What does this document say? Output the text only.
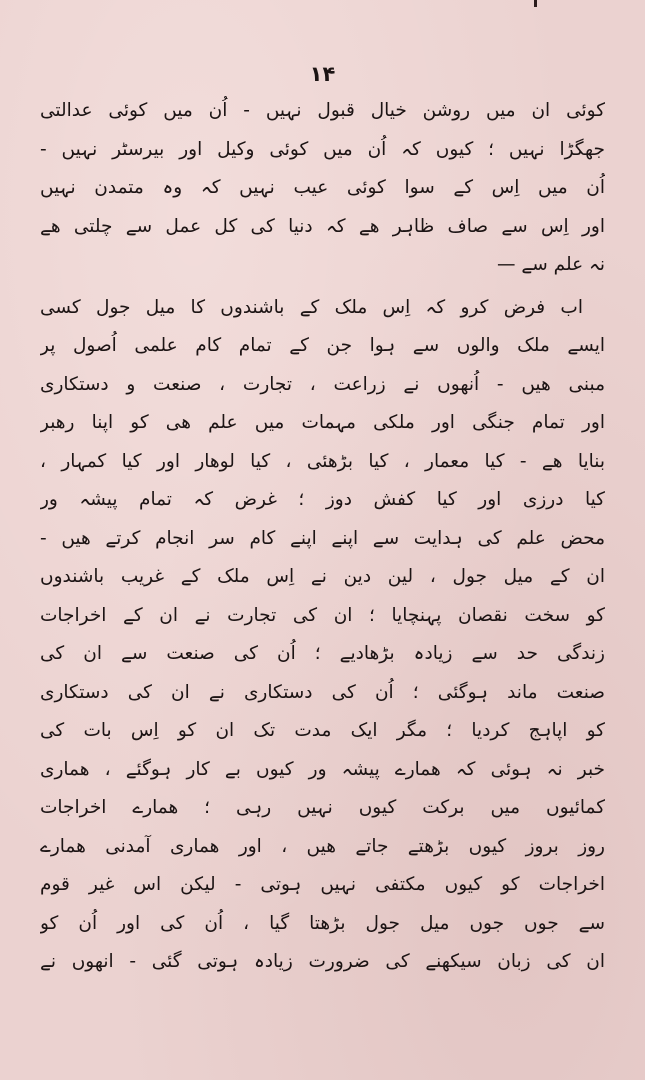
۱۴
کوئی ان میں روشن خیال قبول نہیں - اُن میں کوئی عدالتی
جھگڑا نہیں ؛ کیوں کہ اُن میں کوئی وکیل اور بیرسٹر نہیں -
اُن میں اِس کے سوا کوئی عیب نہیں کہ وہ متمدن نہیں
اور اِس سے صاف ظاہر ھے کہ دنیا کی کل عمل سے چلتی ھے
نہ علم سے —
اب فرض کرو کہ اِس ملک کے باشندوں کا میل جول کسی
ایسے ملک والوں سے ہوا جن کے تمام کام علمی اُصول پر
مبنی ھیں - اُنھوں نے زراعت ، تجارت ، صنعت و دستکاری
اور تمام جنگی اور ملکی مہمات میں علم ھی کو اپنا رھبر
بنایا ھے - کیا معمار ، کیا بڑھئی ، کیا لوھار اور کیا کمہار ،
کیا درزی اور کیا کفش دوز ؛ غرض کہ تمام پیشہ ور
محض علم کی ہدایت سے اپنے اپنے کام سر انجام کرتے ھیں -
ان کے میل جول ، لین دین نے اِس ملک کے غریب باشندوں
کو سخت نقصان پہنچایا ؛ ان کی تجارت نے ان کے اخراجات
زندگی حد سے زیادہ بڑھادیے ؛ اُن کی صنعت سے ان کی
صنعت ماند ہوگئی ؛ اُن کی دستکاری نے ان کی دستکاری
کو اپاہج کردیا ؛ مگر ایک مدت تک ان کو اِس بات کی
خبر نہ ہوئی کہ ھمارے پیشہ ور کیوں بے کار ہوگئے ، ھماری
کمائیوں میں برکت کیوں نہیں رہی ؛ ھمارے اخراجات
روز بروز کیوں بڑھتے جاتے ھیں ، اور ھماری آمدنی ھمارے
اخراجات کو کیوں مکتفی نہیں ہوتی - لیکن اس غیر قوم
سے جوں جوں میل جول بڑھتا گیا ، اُن کی اور اُن کو
ان کی زبان سیکھنے کی ضرورت زیادہ ہوتی گئی - انھوں نے
